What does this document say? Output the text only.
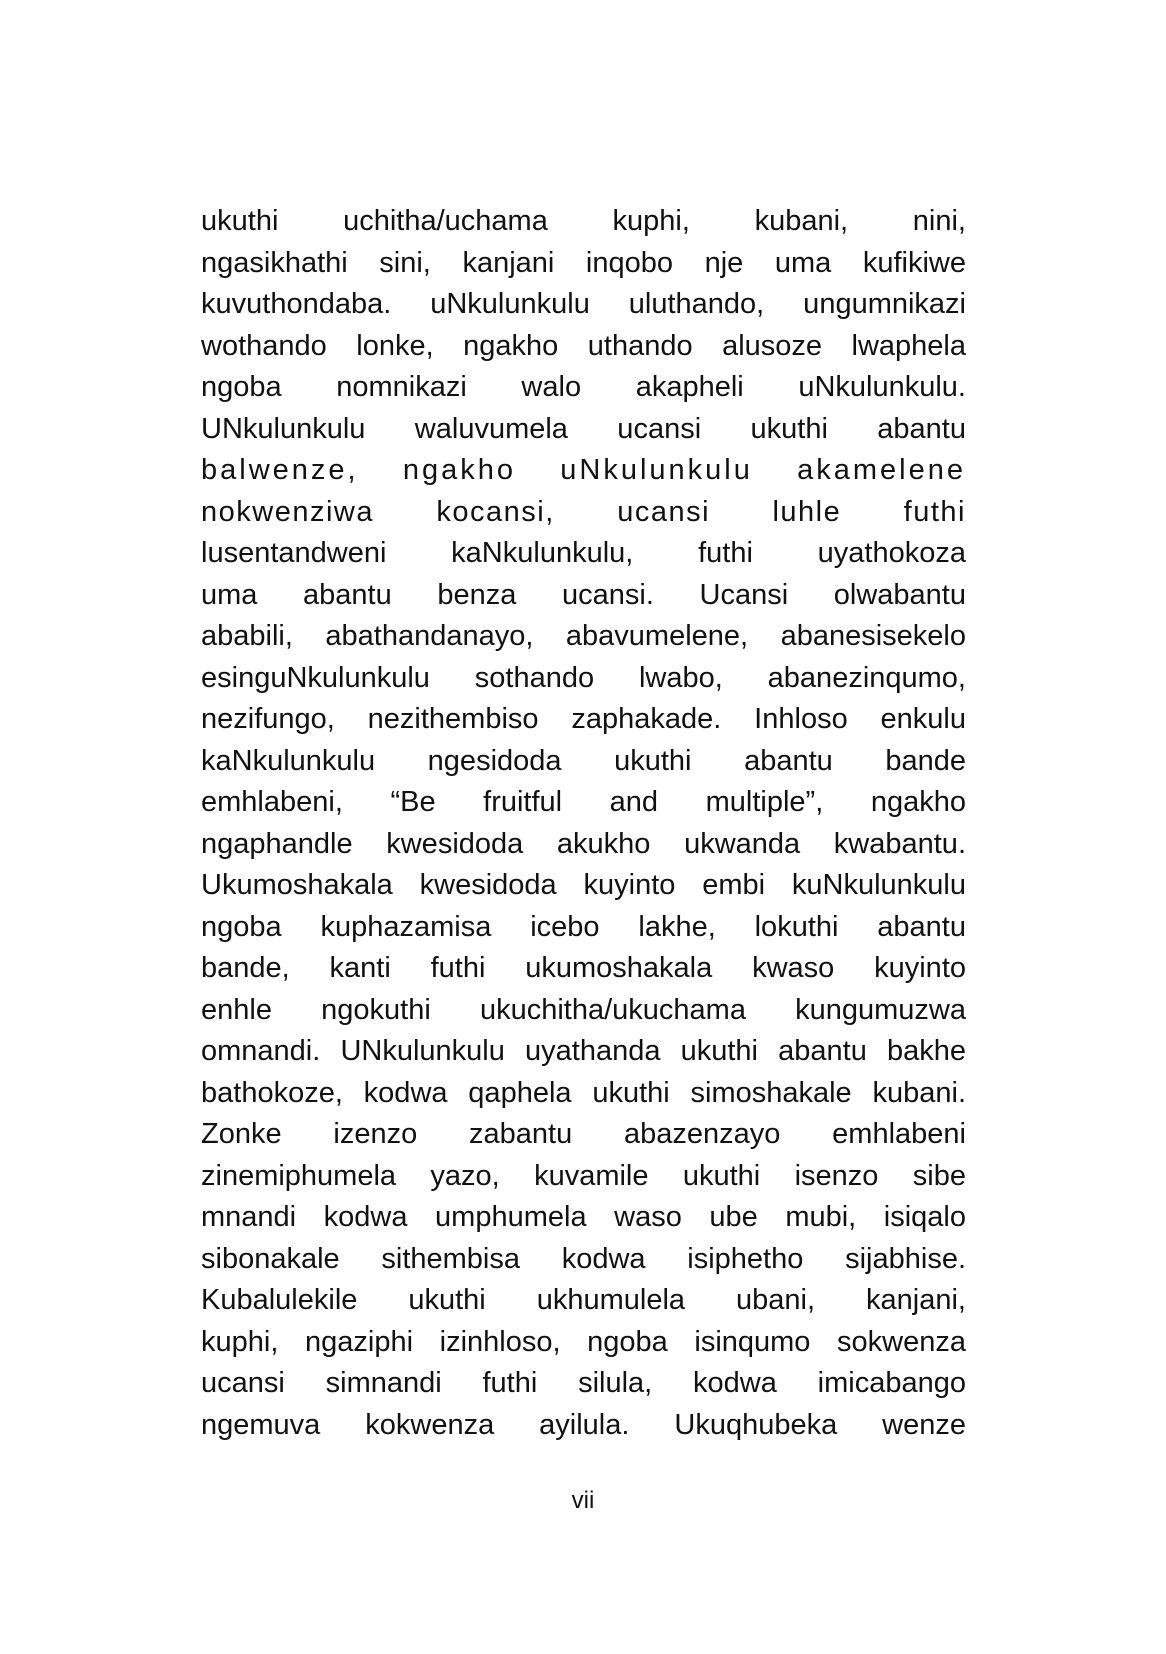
ukuthi uchitha/uchama kuphi, kubani, nini,
ngasikhathi sini, kanjani inqobo nje uma kufikiwe
kuvuthondaba. uNkulunkulu uluthando, ungumnikazi
wothando lonke, ngakho uthando alusoze lwaphela
ngoba nomnikazi walo akapheli uNkulunkulu.
UNkulunkulu waluvumela ucansi ukuthi abantu
balwenze, ngakho uNkulunkulu akamelene
nokwenziwa kocansi, ucansi luhle futhi
lusentandweni kaNkulunkulu, futhi uyathokoza
uma abantu benza ucansi. Ucansi olwabantu
ababili, abathandanayo, abavumelene, abanesisekelo
esinguNkulunkulu sothando lwabo, abanezinqumo,
nezifungo, nezithembiso zaphakade. Inhloso enkulu
kaNkulunkulu ngesidoda ukuthi abantu bande
emhlabeni, “Be fruitful and multiple”, ngakho
ngaphandle kwesidoda akukho ukwanda kwabantu.
Ukumoshakala kwesidoda kuyinto embi kuNkulunkulu
ngoba kuphazamisa icebo lakhe, lokuthi abantu
bande, kanti futhi ukumoshakala kwaso kuyinto
enhle ngokuthi ukuchitha/ukuchama kungumuzwa
omnandi. UNkulunkulu uyathanda ukuthi abantu bakhe
bathokoze, kodwa qaphela ukuthi simoshakale kubani.
Zonke izenzo zabantu abazenzayo emhlabeni
zinemiphumela yazo, kuvamile ukuthi isenzo sibe
mnandi kodwa umphumela waso ube mubi, isiqalo
sibonakale sithembisa kodwa isiphetho sijabhise.
Kubalulekile ukuthi ukhumulela ubani, kanjani,
kuphi, ngaziphi izinhloso, ngoba isinqumo sokwenza
ucansi simnandi futhi silula, kodwa imicabango
ngemuva kokwenza ayilula. Ukuqhubeka wenze
vii
